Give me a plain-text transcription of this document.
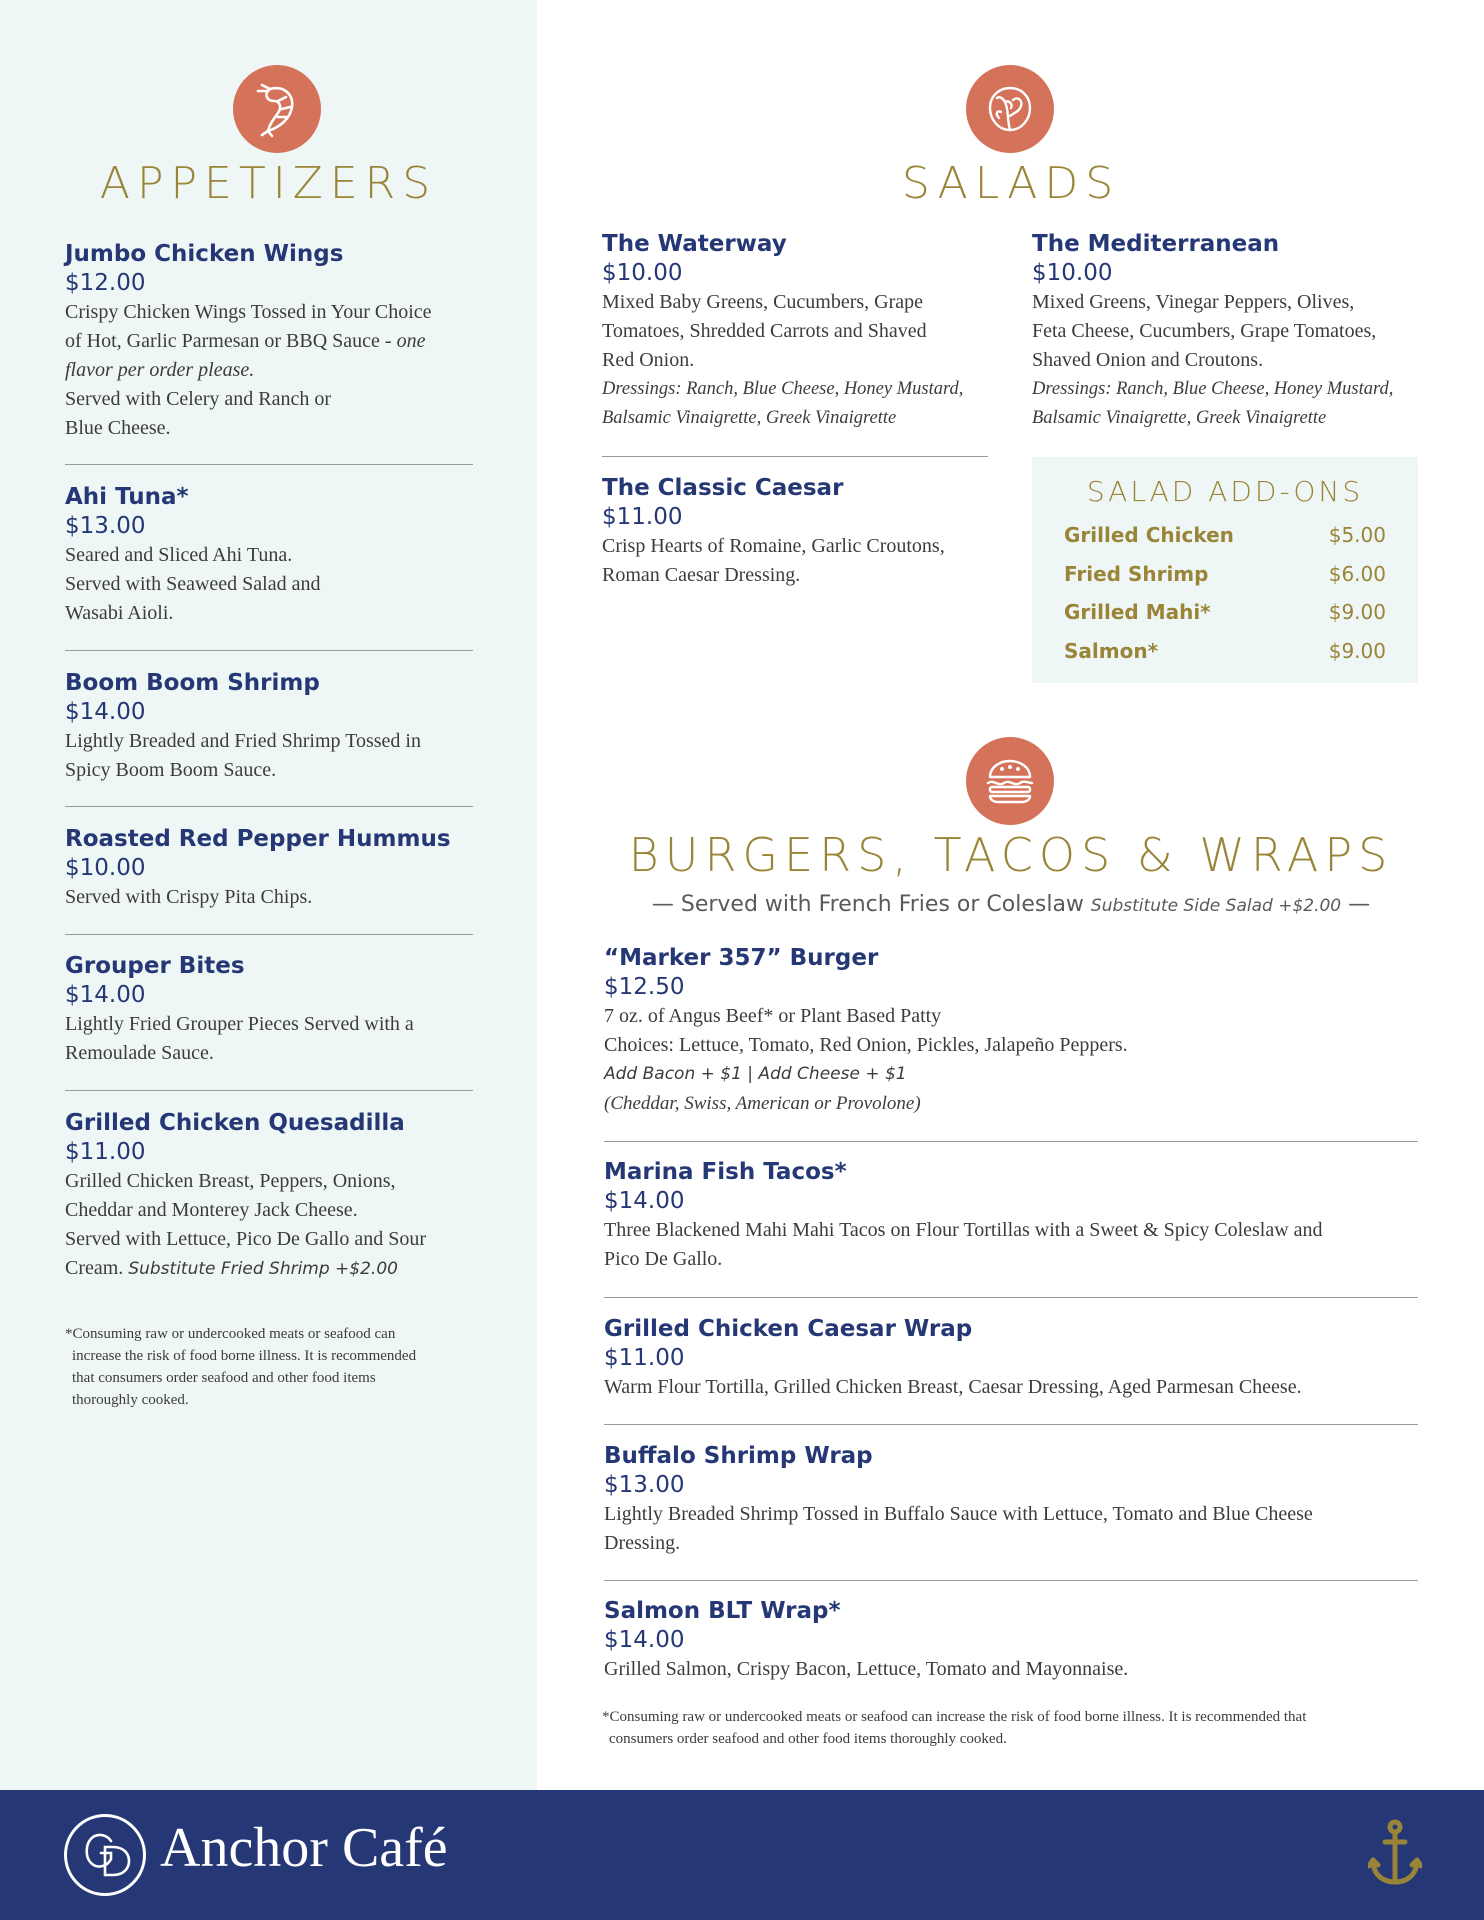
APPETIZERS
Jumbo Chicken Wings
$12.00
Crispy Chicken Wings Tossed in Your Choice
of Hot, Garlic Parmesan or BBQ Sauce - one
flavor per order please.
Served with Celery and Ranch or
Blue Cheese.
Ahi Tuna*
$13.00
Seared and Sliced Ahi Tuna.
Served with Seaweed Salad and
Wasabi Aioli.
Boom Boom Shrimp
$14.00
Lightly Breaded and Fried Shrimp Tossed in
Spicy Boom Boom Sauce.
Roasted Red Pepper Hummus
$10.00
Served with Crispy Pita Chips.
Grouper Bites
$14.00
Lightly Fried Grouper Pieces Served with a
Remoulade Sauce.
Grilled Chicken Quesadilla
$11.00
Grilled Chicken Breast, Peppers, Onions,
Cheddar and Monterey Jack Cheese.
Served with Lettuce, Pico De Gallo and Sour
Cream. Substitute Fried Shrimp +$2.00
*Consuming raw or undercooked meats or seafood can
increase the risk of food borne illness. It is recommended
that consumers order seafood and other food items
thoroughly cooked.
SALADS
The Waterway
$10.00
Mixed Baby Greens, Cucumbers, Grape
Tomatoes, Shredded Carrots and Shaved
Red Onion.
Dressings: Ranch, Blue Cheese, Honey Mustard,
Balsamic Vinaigrette, Greek Vinaigrette
The Mediterranean
$10.00
Mixed Greens, Vinegar Peppers, Olives,
Feta Cheese, Cucumbers, Grape Tomatoes,
Shaved Onion and Croutons.
Dressings: Ranch, Blue Cheese, Honey Mustard,
Balsamic Vinaigrette, Greek Vinaigrette
The Classic Caesar
$11.00
Crisp Hearts of Romaine, Garlic Croutons,
Roman Caesar Dressing.
SALAD ADD-ONS
Grilled Chicken	$5.00
Fried Shrimp	$6.00
Grilled Mahi*	$9.00
Salmon*	$9.00
BURGERS, TACOS & WRAPS
— Served with French Fries or Coleslaw Substitute Side Salad +$2.00 —
“Marker 357” Burger
$12.50
7 oz. of Angus Beef* or Plant Based Patty
Choices: Lettuce, Tomato, Red Onion, Pickles, Jalapeño Peppers.
Add Bacon + $1 | Add Cheese + $1
(Cheddar, Swiss, American or Provolone)
Marina Fish Tacos*
$14.00
Three Blackened Mahi Mahi Tacos on Flour Tortillas with a Sweet & Spicy Coleslaw and
Pico De Gallo.
Grilled Chicken Caesar Wrap
$11.00
Warm Flour Tortilla, Grilled Chicken Breast, Caesar Dressing, Aged Parmesan Cheese.
Buffalo Shrimp Wrap
$13.00
Lightly Breaded Shrimp Tossed in Buffalo Sauce with Lettuce, Tomato and Blue Cheese
Dressing.
Salmon BLT Wrap*
$14.00
Grilled Salmon, Crispy Bacon, Lettuce, Tomato and Mayonnaise.
*Consuming raw or undercooked meats or seafood can increase the risk of food borne illness. It is recommended that
consumers order seafood and other food items thoroughly cooked.
Anchor Café
